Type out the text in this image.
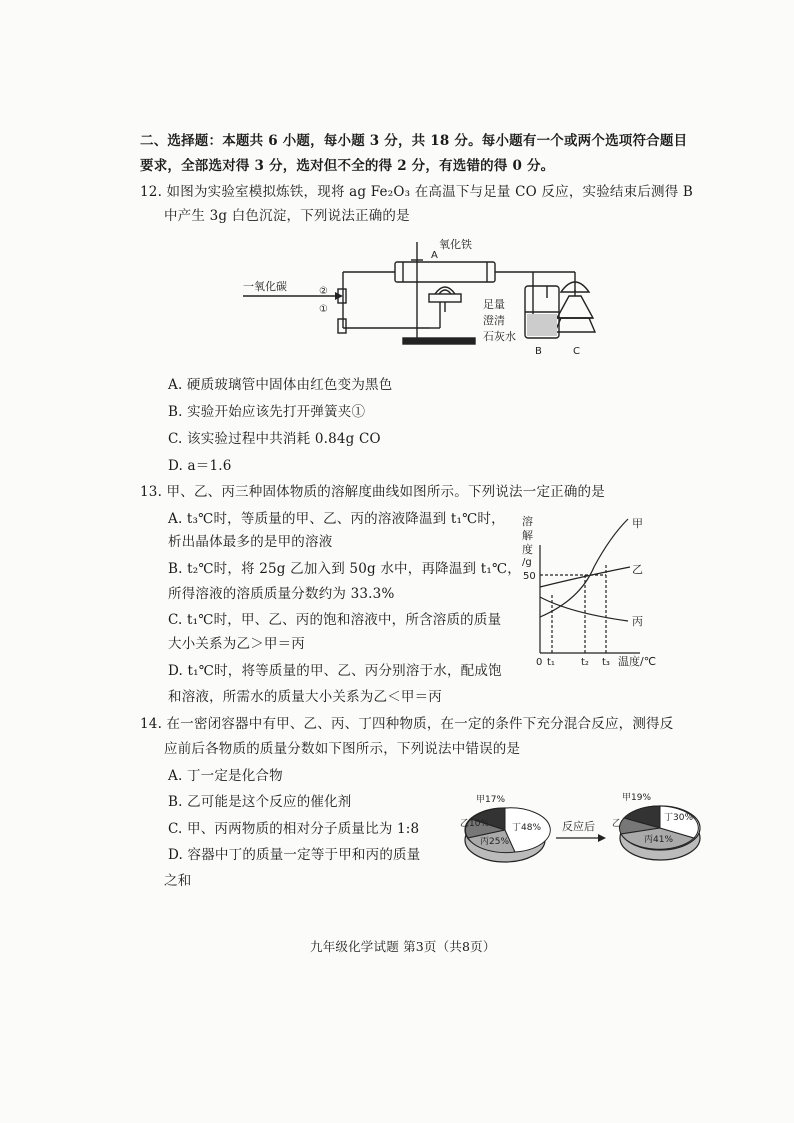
二、选择题：本题共 6 小题，每小题 3 分，共 18 分。每小题有一个或两个选项符合题目
要求，全部选对得 3 分，选对但不全的得 2 分，有选错的得 0 分。
12. 如图为实验室模拟炼铁，现将 ag Fe₂O₃ 在高温下与足量 CO 反应，实验结束后测得 B
中产生 3g 白色沉淀，下列说法正确的是
一氧化碳	②
①
A
氧化铁
足量
澄清
石灰水
B	C
A. 硬质玻璃管中固体由红色变为黑色
B. 实验开始应该先打开弹簧夹①
C. 该实验过程中共消耗 0.84g CO
D. a＝1.6
13. 甲、乙、丙三种固体物质的溶解度曲线如图所示。下列说法一定正确的是
A. t₃℃时，等质量的甲、乙、丙的溶液降温到 t₁℃时，
析出晶体最多的是甲的溶液
B. t₂℃时，将 25g 乙加入到 50g 水中，再降温到 t₁℃，
所得溶液的溶质质量分数约为 33.3%
C. t₁℃时，甲、乙、丙的饱和溶液中，所含溶质的质量
大小关系为乙＞甲＝丙
D. t₁℃时，将等质量的甲、乙、丙分别溶于水，配成饱
和溶液，所需水的质量大小关系为乙＜甲＝丙
溶
解
度
/g
50
0 t₁	t₂ t₃ 温度/℃
甲
乙
丙
14. 在一密闭容器中有甲、乙、丙、丁四种物质，在一定的条件下充分混合反应，测得反
应前后各物质的质量分数如下图所示，下列说法中错误的是
A. 丁一定是化合物
B. 乙可能是这个反应的催化剂
C. 甲、丙两物质的相对分子质量比为 1:8
D. 容器中丁的质量一定等于甲和丙的质量
之和
甲17%
乙10%	丁48%
丙25%
反应后
甲19%
乙
丁30%
丙41%
九年级化学试题 第3页（共8页）
